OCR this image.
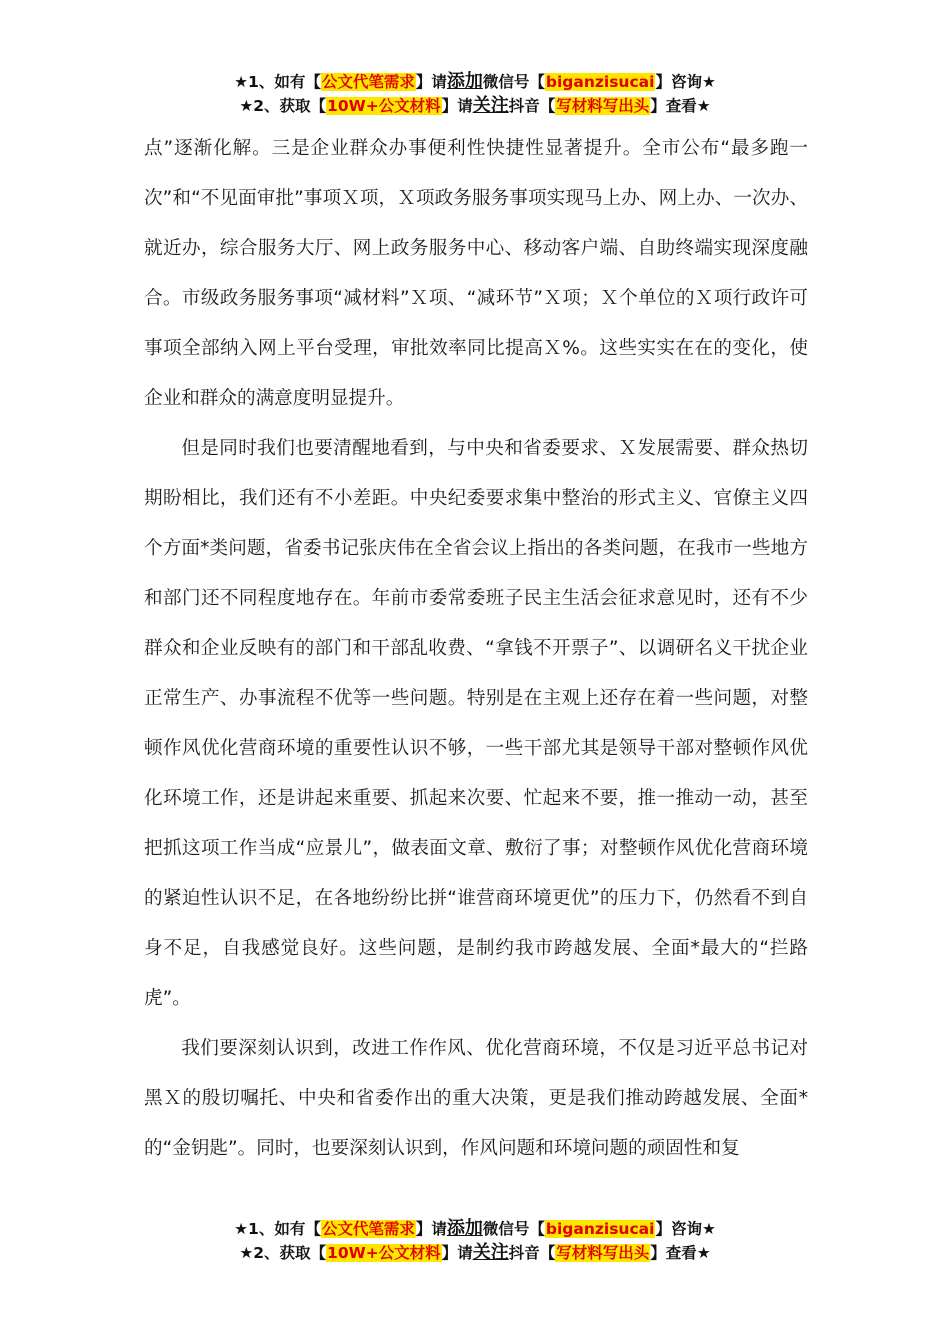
★1、如有【公文代笔需求】请添加微信号【biganzisucai】咨询★
★2、获取【10W+公文材料】请关注抖音【写材料写出头】查看★

点”逐渐化解。三是企业群众办事便利性快捷性显著提升。全市公布“最多跑一次”和“不见面审批”事项Ｘ项，Ｘ项政务服务事项实现马上办、网上办、一次办、就近办，综合服务大厅、网上政务服务中心、移动客户端、自助终端实现深度融合。市级政务服务事项“减材料”Ｘ项、“减环节”Ｘ项；Ｘ个单位的Ｘ项行政许可事项全部纳入网上平台受理，审批效率同比提高Ｘ%。这些实实在在的变化，使企业和群众的满意度明显提升。

但是同时我们也要清醒地看到，与中央和省委要求、Ｘ发展需要、群众热切期盼相比，我们还有不小差距。中央纪委要求集中整治的形式主义、官僚主义四个方面*类问题，省委书记张庆伟在全省会议上指出的各类问题，在我市一些地方和部门还不同程度地存在。年前市委常委班子民主生活会征求意见时，还有不少群众和企业反映有的部门和干部乱收费、“拿钱不开票子”、以调研名义干扰企业正常生产、办事流程不优等一些问题。特别是在主观上还存在着一些问题，对整顿作风优化营商环境的重要性认识不够，一些干部尤其是领导干部对整顿作风优化环境工作，还是讲起来重要、抓起来次要、忙起来不要，推一推动一动，甚至把抓这项工作当成“应景儿”，做表面文章、敷衍了事；对整顿作风优化营商环境的紧迫性认识不足，在各地纷纷比拼“谁营商环境更优”的压力下，仍然看不到自身不足，自我感觉良好。这些问题，是制约我市跨越发展、全面*最大的“拦路虎”。

我们要深刻认识到，改进工作作风、优化营商环境，不仅是习近平总书记对黑Ｘ的殷切嘱托、中央和省委作出的重大决策，更是我们推动跨越发展、全面*的“金钥匙”。同时，也要深刻认识到，作风问题和环境问题的顽固性和复

★1、如有【公文代笔需求】请添加微信号【biganzisucai】咨询★
★2、获取【10W+公文材料】请关注抖音【写材料写出头】查看★
